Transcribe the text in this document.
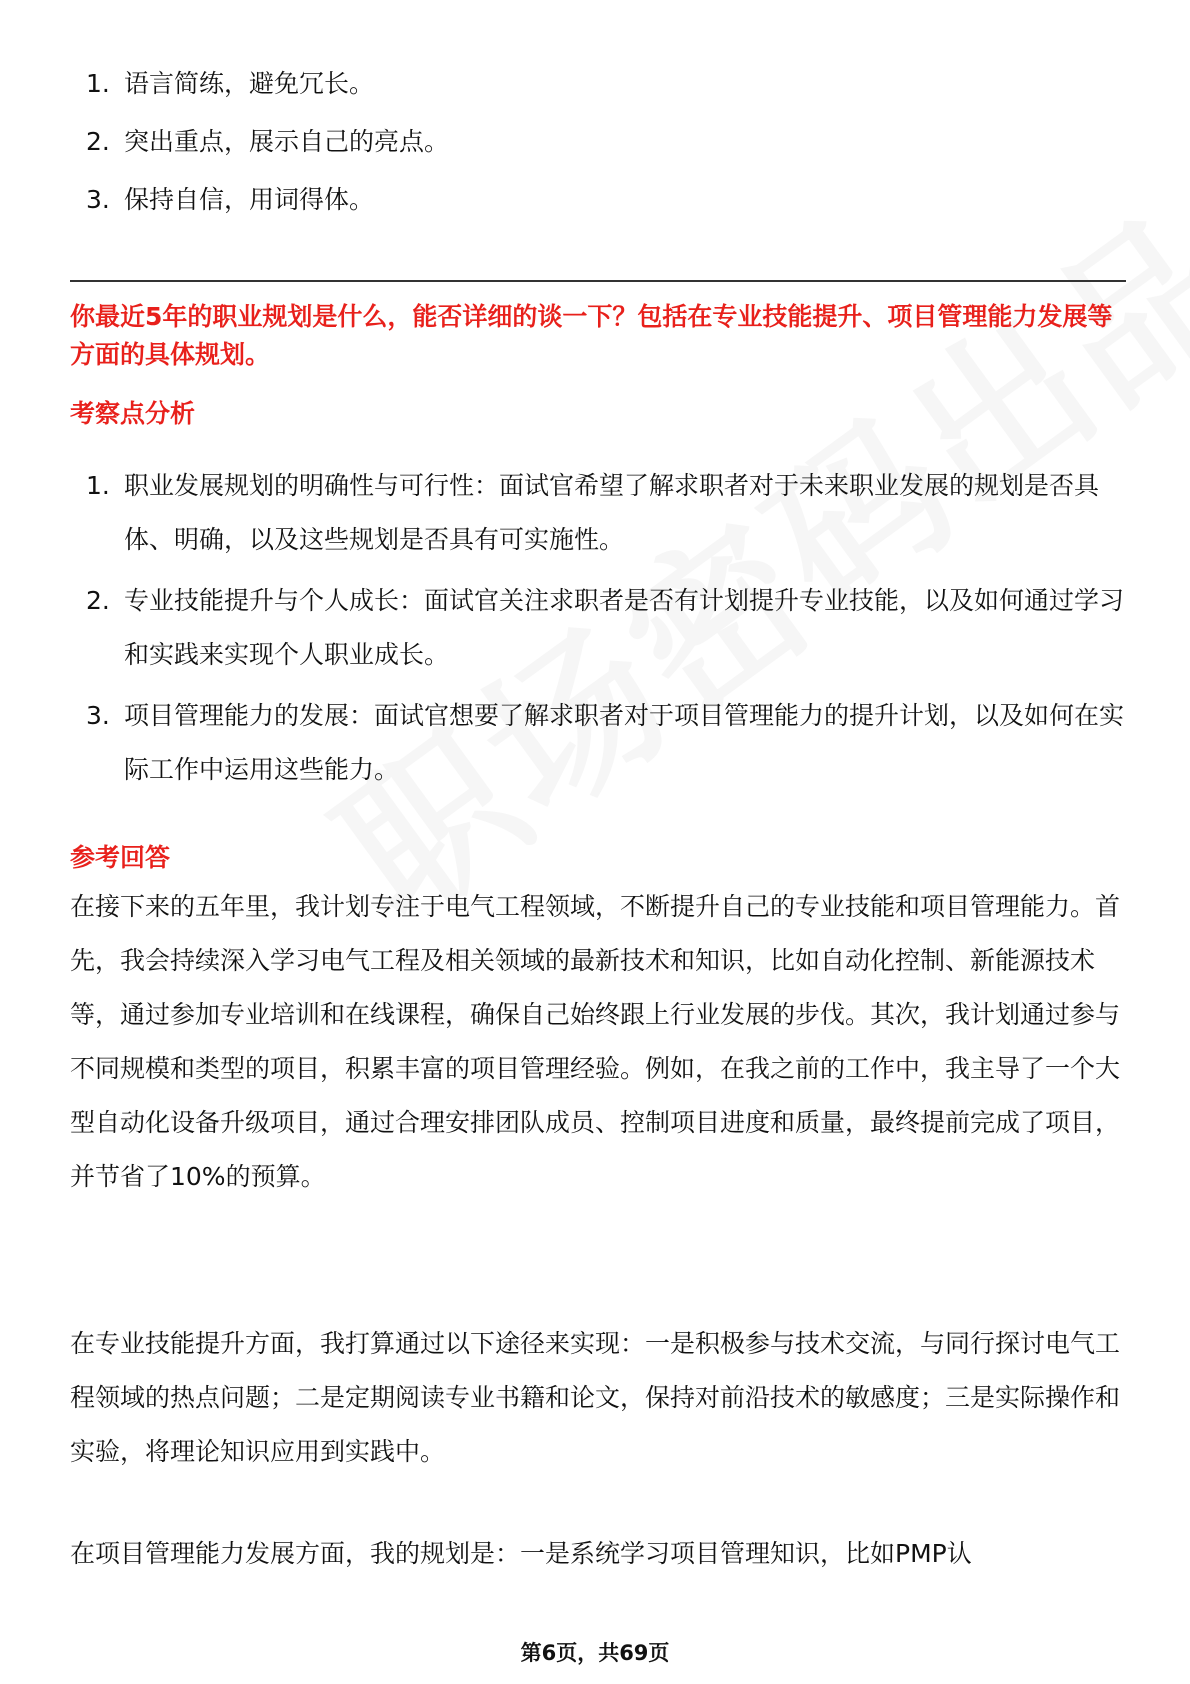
1. 语言简练，避免冗长。
2. 突出重点，展示自己的亮点。
3. 保持自信，用词得体。
你最近5年的职业规划是什么，能否详细的谈一下？包括在专业技能提升、项目管理能力发展等方面的具体规划。
考察点分析
1. 职业发展规划的明确性与可行性：面试官希望了解求职者对于未来职业发展的规划是否具体、明确，以及这些规划是否具有可实施性。
2. 专业技能提升与个人成长：面试官关注求职者是否有计划提升专业技能，以及如何通过学习和实践来实现个人职业成长。
3. 项目管理能力的发展：面试官想要了解求职者对于项目管理能力的提升计划，以及如何在实际工作中运用这些能力。
参考回答

在接下来的五年里，我计划专注于电气工程领域，不断提升自己的专业技能和项目管理能力。首先，我会持续深入学习电气工程及相关领域的最新技术和知识，比如自动化控制、新能源技术等，通过参加专业培训和在线课程，确保自己始终跟上行业发展的步伐。其次，我计划通过参与不同规模和类型的项目，积累丰富的项目管理经验。例如，在我之前的工作中，我主导了一个大型自动化设备升级项目，通过合理安排团队成员、控制项目进度和质量，最终提前完成了项目，并节省了10%的预算。

在专业技能提升方面，我打算通过以下途径来实现：一是积极参与技术交流，与同行探讨电气工程领域的热点问题；二是定期阅读专业书籍和论文，保持对前沿技术的敏感度；三是实际操作和实验，将理论知识应用到实践中。

在项目管理能力发展方面，我的规划是：一是系统学习项目管理知识，比如PMP认

第6页，共69页
